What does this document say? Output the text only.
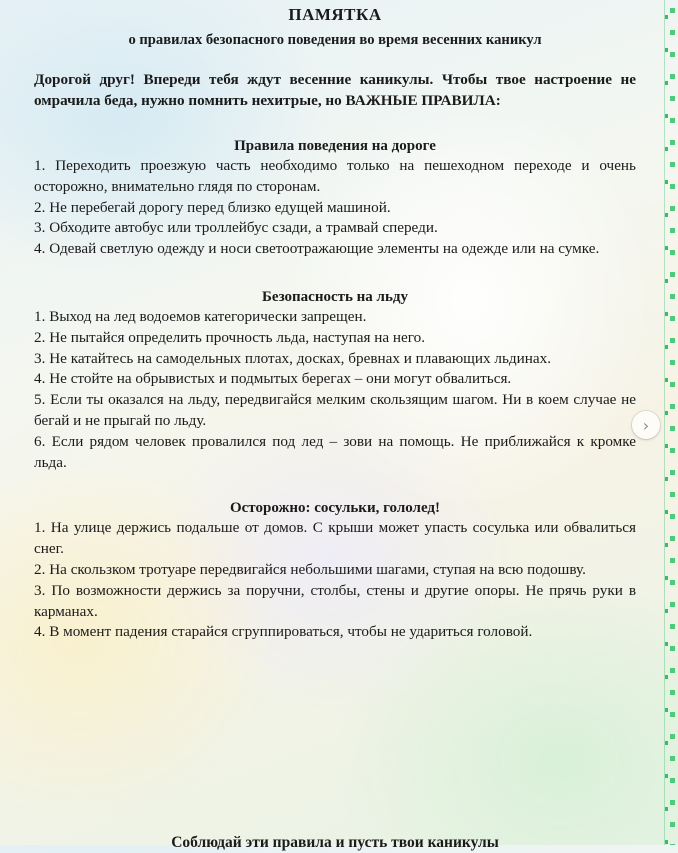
›

ПАМЯТКА

о правилах безопасного поведения во время весенних каникул

Дорогой друг! Впереди тебя ждут весенние каникулы. Чтобы твое настроение не омрачила беда, нужно помнить нехитрые, но ВАЖНЫЕ ПРАВИЛА:

Правила поведения на дороге

1. Переходить проезжую часть необходимо только на пешеходном переходе и очень осторожно, внимательно глядя по сторонам.

2. Не перебегай дорогу перед близко едущей машиной.

3. Обходите автобус или троллейбус сзади, а трамвай спереди.

4. Одевай светлую одежду и носи светоотражающие элементы на одежде или на сумке.

Безопасность на льду

1. Выход на лед водоемов категорически запрещен.

2. Не пытайся определить прочность льда, наступая на него.

3. Не катайтесь на самодельных плотах, досках, бревнах и плавающих льдинах.

4. Не стойте на обрывистых и подмытых берегах – они могут обвалиться.

5. Если ты оказался на льду, передвигайся мелким скользящим шагом. Ни в коем случае не бегай и не прыгай по льду.

6. Если рядом человек провалился под лед – зови на помощь. Не приближайся к кромке льда.

Осторожно: сосульки, гололед!

1. На улице держись подальше от домов. С крыши может упасть сосулька или обвалиться снег.

2. На скользком тротуаре передвигайся небольшими шагами, ступая на всю подошву.

3. По возможности держись за поручни, столбы, стены и другие опоры. Не прячь руки в карманах.

4. В момент падения старайся сгруппироваться, чтобы не удариться головой.

Соблюдай эти правила и пусть твои каникулы
